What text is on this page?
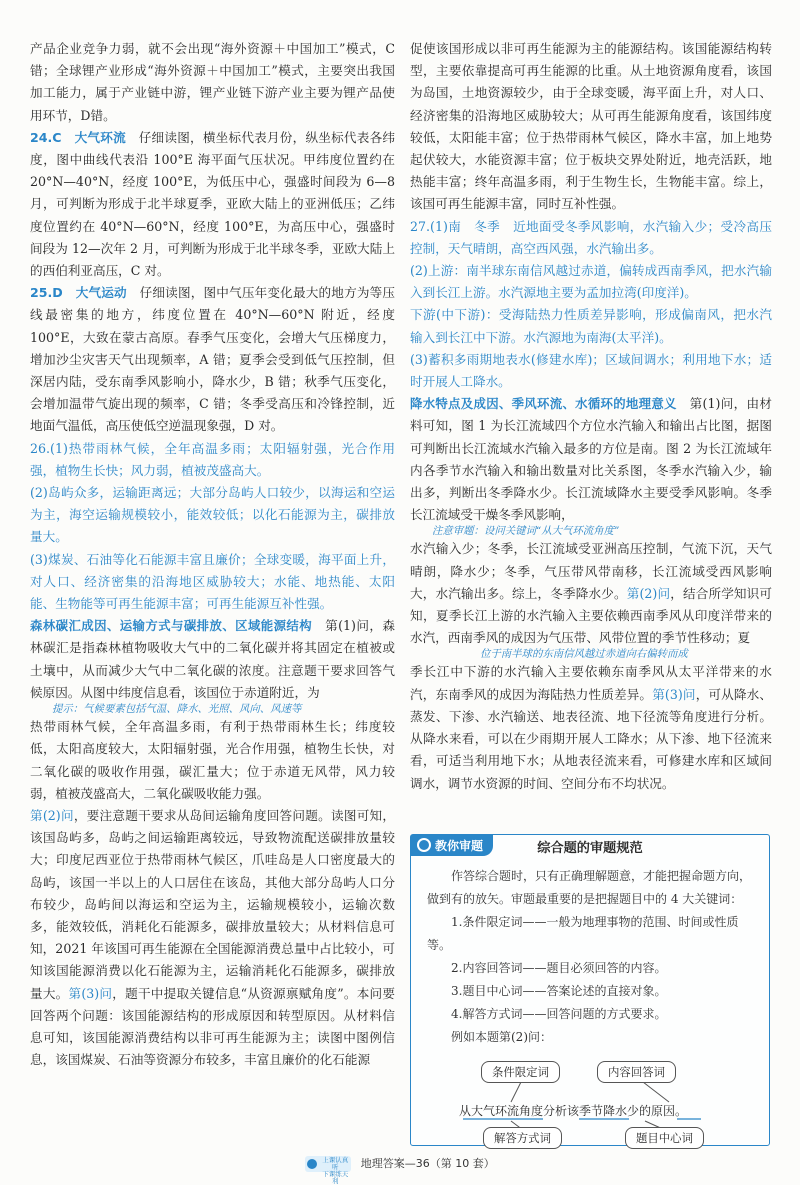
产品企业竞争力弱，就不会出现“海外资源＋中国加工”模式，C错；全球锂产业形成“海外资源＋中国加工”模式，主要突出我国加工能力，属于产业链中游，锂产业链下游产业主要为锂产品使用环节，D错。

24.C　大气环流　仔细读图，横坐标代表月份，纵坐标代表各纬度，图中曲线代表沿 100°E 海平面气压状况。甲纬度位置约在 20°N—40°N，经度 100°E，为低压中心，强盛时间段为 6—8 月，可判断为形成于北半球夏季，亚欧大陆上的亚洲低压；乙纬度位置约在 40°N—60°N，经度 100°E，为高压中心，强盛时间段为 12—次年 2 月，可判断为形成于北半球冬季，亚欧大陆上的西伯利亚高压，C 对。

25.D　大气运动　仔细读图，图中气压年变化最大的地方为等压线最密集的地方，纬度位置在 40°N—60°N 附近，经度 100°E，大致在蒙古高原。春季气压变化，会增大气压梯度力，增加沙尘灾害天气出现频率，A 错；夏季会受到低气压控制，但深居内陆，受东南季风影响小，降水少，B 错；秋季气压变化，会增加温带气旋出现的频率，C 错；冬季受高压和冷锋控制，近地面气温低，高压使低空逆温现象强，D 对。

26.(1)热带雨林气候，全年高温多雨；太阳辐射强，光合作用强，植物生长快；风力弱，植被茂盛高大。

(2)岛屿众多，运输距离远；大部分岛屿人口较少，以海运和空运为主，海空运输规模较小，能效较低；以化石能源为主，碳排放量大。

(3)煤炭、石油等化石能源丰富且廉价；全球变暖，海平面上升，对人口、经济密集的沿海地区威胁较大；水能、地热能、太阳能、生物能等可再生能源丰富；可再生能源互补性强。

森林碳汇成因、运输方式与碳排放、区域能源结构　第(1)问，森林碳汇是指森林植物吸收大气中的二氧化碳并将其固定在植被或土壤中，从而减少大气中二氧化碳的浓度。注意题干要求回答气候原因。从图中纬度信息看，该国位于赤道附近，为

提示：气候要素包括气温、降水、光照、风向、风速等

热带雨林气候，全年高温多雨，有利于热带雨林生长；纬度较低，太阳高度较大，太阳辐射强，光合作用强，植物生长快，对二氧化碳的吸收作用强，碳汇量大；位于赤道无风带，风力较弱，植被茂盛高大，二氧化碳吸收能力强。

第(2)问，要注意题干要求从岛间运输角度回答问题。读图可知，该国岛屿多，岛屿之间运输距离较远，导致物流配送碳排放量较大；印度尼西亚位于热带雨林气候区，爪哇岛是人口密度最大的岛屿，该国一半以上的人口居住在该岛，其他大部分岛屿人口分布较少，岛屿间以海运和空运为主，运输规模较小，运输次数多，能效较低，消耗化石能源多，碳排放量较大；从材料信息可知，2021 年该国可再生能源在全国能源消费总量中占比较小，可知该国能源消费以化石能源为主，运输消耗化石能源多，碳排放量大。第(3)问，题干中提取关键信息“从资源禀赋角度”。本问要回答两个问题：该国能源结构的形成原因和转型原因。从材料信息可知，该国能源消费结构以非可再生能源为主；读图中图例信息，该国煤炭、石油等资源分布较多，丰富且廉价的化石能源

促使该国形成以非可再生能源为主的能源结构。该国能源结构转型，主要依靠提高可再生能源的比重。从土地资源角度看，该国为岛国，土地资源较少，由于全球变暖，海平面上升，对人口、经济密集的沿海地区威胁较大；从可再生能源角度看，该国纬度较低，太阳能丰富；位于热带雨林气候区，降水丰富，加上地势起伏较大，水能资源丰富；位于板块交界处附近，地壳活跃，地热能丰富；终年高温多雨，利于生物生长，生物能丰富。综上，该国可再生能源丰富，同时互补性强。

27.(1)南　冬季　近地面受冬季风影响，水汽输入少；受冷高压控制，天气晴朗，高空西风强，水汽输出多。

(2)上游：南半球东南信风越过赤道，偏转成西南季风，把水汽输入到长江上游。水汽源地主要为孟加拉湾(印度洋)。

下游(中下游)：受海陆热力性质差异影响，形成偏南风，把水汽输入到长江中下游。水汽源地为南海(太平洋)。

(3)蓄积多雨期地表水(修建水库)；区域间调水；利用地下水；适时开展人工降水。

降水特点及成因、季风环流、水循环的地理意义　第(1)问，由材料可知，图 1 为长江流域四个方位水汽输入和输出占比图，据图可判断出长江流域水汽输入最多的方位是南。图 2 为长江流域年内各季节水汽输入和输出数量对比关系图，冬季水汽输入少，输出多，判断出冬季降水少。长江流域降水主要受季风影响。冬季长江流域受干燥冬季风影响，

注意审题：设问关键词“从大气环流角度”

水汽输入少；冬季，长江流域受亚洲高压控制，气流下沉，天气晴朗，降水少；冬季，气压带风带南移，长江流域受西风影响大，水汽输出多。综上，冬季降水少。第(2)问，结合所学知识可知，夏季长江上游的水汽输入主要依赖西南季风从印度洋带来的水汽，西南季风的成因为气压带、风带位置的季节性移动；夏

位于南半球的东南信风越过赤道向右偏转而成

季长江中下游的水汽输入主要依赖东南季风从太平洋带来的水汽，东南季风的成因为海陆热力性质差异。第(3)问，可从降水、蒸发、下渗、水汽输送、地表径流、地下径流等角度进行分析。从降水来看，可以在少雨期开展人工降水；从下渗、地下径流来看，可适当利用地下水；从地表径流来看，可修建水库和区域间调水，调节水资源的时间、空间分布不均状况。

教你审题	综合题的审题规范

作答综合题时，只有正确理解题意，才能把握命题方向，做到有的放矢。审题最重要的是把握题目中的 4 大关键词：

1.条件限定词——一般为地理事物的范围、时间或性质等。

2.内容回答词——题目必须回答的内容。

3.题目中心词——答案论述的直接对象。

4.解答方式词——回答问题的方式要求。

例如本题第(2)问：

条件限定词	内容回答词
从大气环流角度分析该季节降水少的原因。
解答方式词	题目中心词
上课认真听
下课练天利
地理答案—36（第 10 套）
